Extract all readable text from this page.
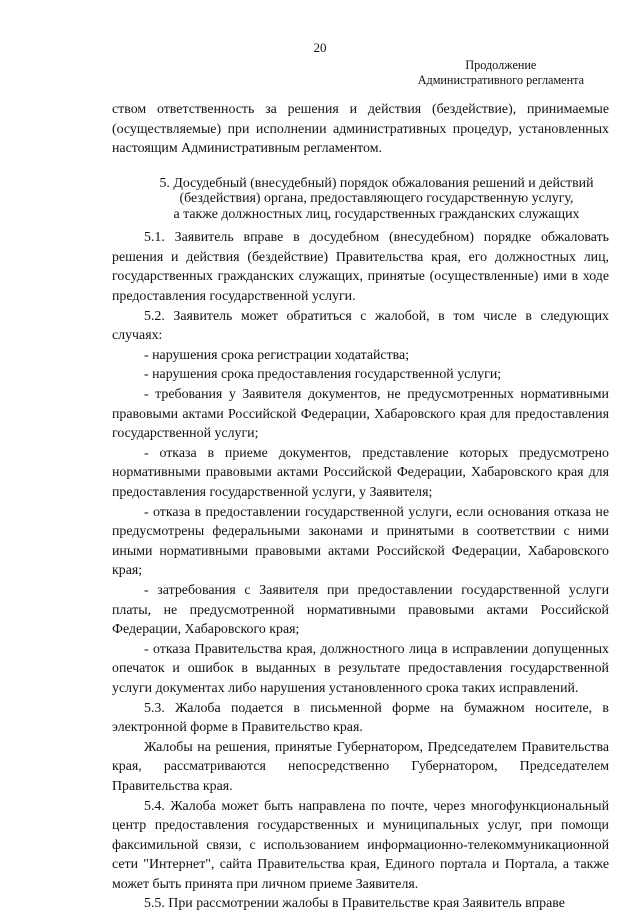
20
Продолжение
Административного регламента

ством ответственность за решения и действия (бездействие), принимаемые (осуществляемые) при исполнении административных процедур, установленных настоящим Административным регламентом.

5. Досудебный (внесудебный) порядок обжалования решений и действий
(бездействия) органа, предоставляющего государственную услугу,
а также должностных лиц, государственных гражданских служащих

5.1. Заявитель вправе в досудебном (внесудебном) порядке обжаловать решения и действия (бездействие) Правительства края, его должностных лиц, государственных гражданских служащих, принятые (осуществленные) ими в ходе предоставления государственной услуги.

5.2. Заявитель может обратиться с жалобой, в том числе в следующих случаях:

- нарушения срока регистрации ходатайства;

- нарушения срока предоставления государственной услуги;

- требования у Заявителя документов, не предусмотренных нормативными правовыми актами Российской Федерации, Хабаровского края для предоставления государственной услуги;

- отказа в приеме документов, представление которых предусмотрено нормативными правовыми актами Российской Федерации, Хабаровского края для предоставления государственной услуги, у Заявителя;

- отказа в предоставлении государственной услуги, если основания отказа не предусмотрены федеральными законами и принятыми в соответствии с ними иными нормативными правовыми актами Российской Федерации, Хабаровского края;

- затребования с Заявителя при предоставлении государственной услуги платы, не предусмотренной нормативными правовыми актами Российской Федерации, Хабаровского края;

- отказа Правительства края, должностного лица в исправлении допущенных опечаток и ошибок в выданных в результате предоставления государственной услуги документах либо нарушения установленного срока таких исправлений.

5.3. Жалоба подается в письменной форме на бумажном носителе, в электронной форме в Правительство края.

Жалобы на решения, принятые Губернатором, Председателем Правительства края, рассматриваются непосредственно Губернатором, Председателем Правительства края.

5.4. Жалоба может быть направлена по почте, через многофункциональный центр предоставления государственных и муниципальных услуг, при помощи факсимильной связи, с использованием информационно-телекоммуникационной сети "Интернет", сайта Правительства края, Единого портала и Портала, а также может быть принята при личном приеме Заявителя.

5.5. При рассмотрении жалобы в Правительстве края Заявитель вправе
